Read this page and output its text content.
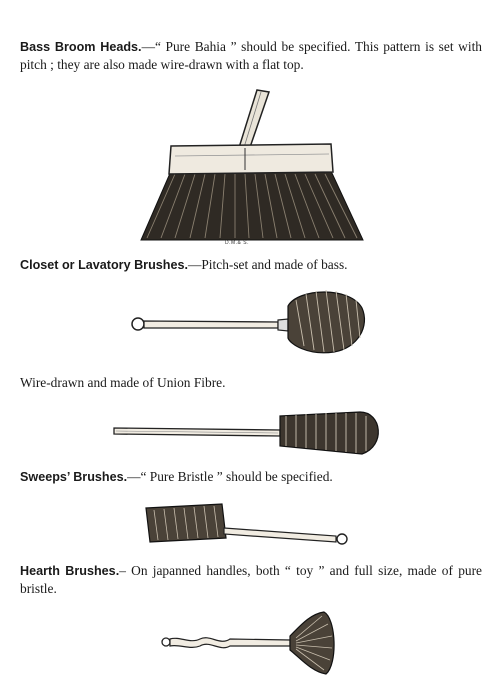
Bass Broom Heads.—“ Pure Bahia ” should be specified. This pattern is set with pitch ; they are also made wire-drawn with a flat top.

D.M.& S.

Closet or Lavatory Brushes.—Pitch-set and made of bass.

Wire-drawn and made of Union Fibre.

Sweeps’ Brushes.—“ Pure Bristle ” should be specified.

Hearth Brushes.– On japanned handles, both “ toy ” and full size, made of pure bristle.
